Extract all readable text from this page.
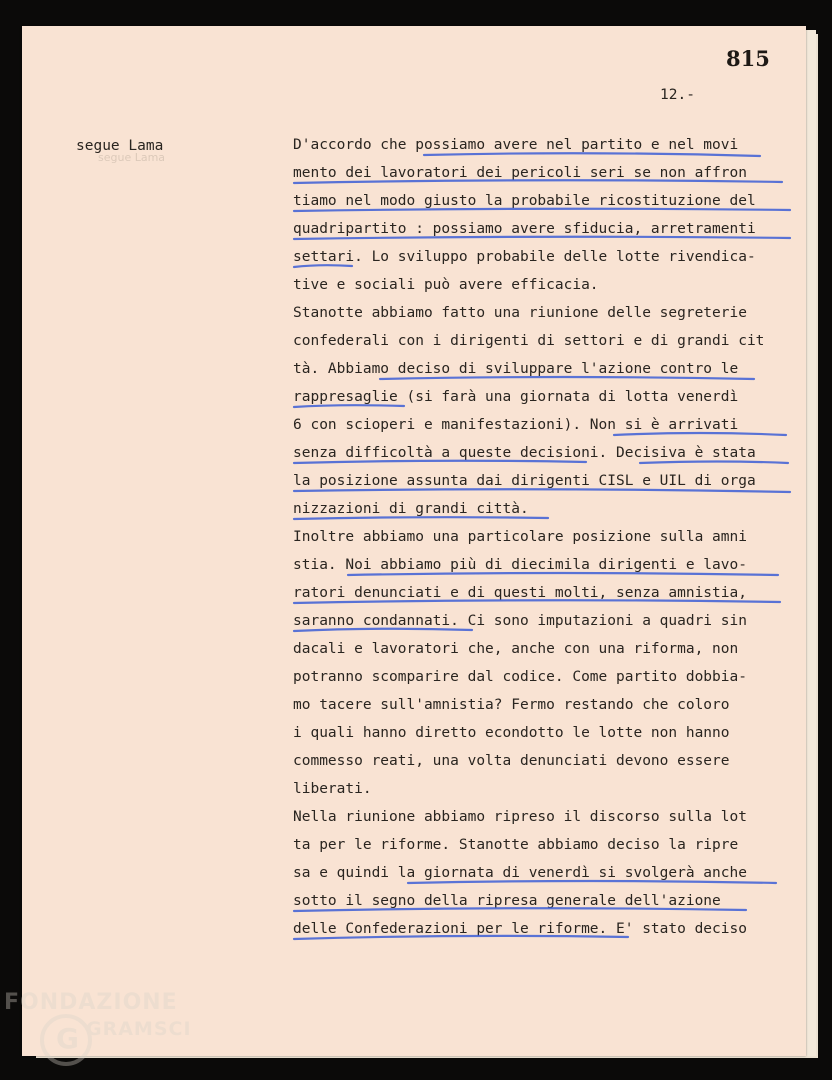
815
12.-
segue Lama
segue Lama
D'accordo che possiamo avere nel partito e nel movi
mento dei lavoratori dei pericoli seri se non affron
tiamo nel modo giusto la probabile ricostituzione del
quadripartito : possiamo avere sfiducia, arretramenti
settari. Lo sviluppo probabile delle lotte rivendica-
tive e sociali può avere efficacia.
Stanotte abbiamo fatto una riunione delle segreterie
confederali con i dirigenti di settori e di grandi cit
tà. Abbiamo deciso di sviluppare l'azione contro le
rappresaglie (si farà una giornata di lotta venerdì
6 con scioperi e manifestazioni). Non si è arrivati
senza difficoltà a queste decisioni. Decisiva è stata
la posizione assunta dai dirigenti CISL e UIL di orga
nizzazioni di grandi città.
Inoltre abbiamo una particolare posizione sulla amni
stia. Noi abbiamo più di diecimila dirigenti e lavo-
ratori denunciati e di questi molti, senza amnistia,
saranno condannati. Ci sono imputazioni a quadri sin
dacali e lavoratori che, anche con una riforma, non
potranno scomparire dal codice. Come partito dobbia-
mo tacere sull'amnistia? Fermo restando che coloro
i quali hanno diretto econdotto le lotte non hanno
commesso reati, una volta denunciati devono essere
liberati.
Nella riunione abbiamo ripreso il discorso sulla lot
ta per le riforme. Stanotte abbiamo deciso la ripre
sa e quindi la giornata di venerdì si svolgerà anche
sotto il segno della ripresa generale dell'azione
delle Confederazioni per le riforme. E' stato deciso
FONDAZIONE
GRAMSCI
G
